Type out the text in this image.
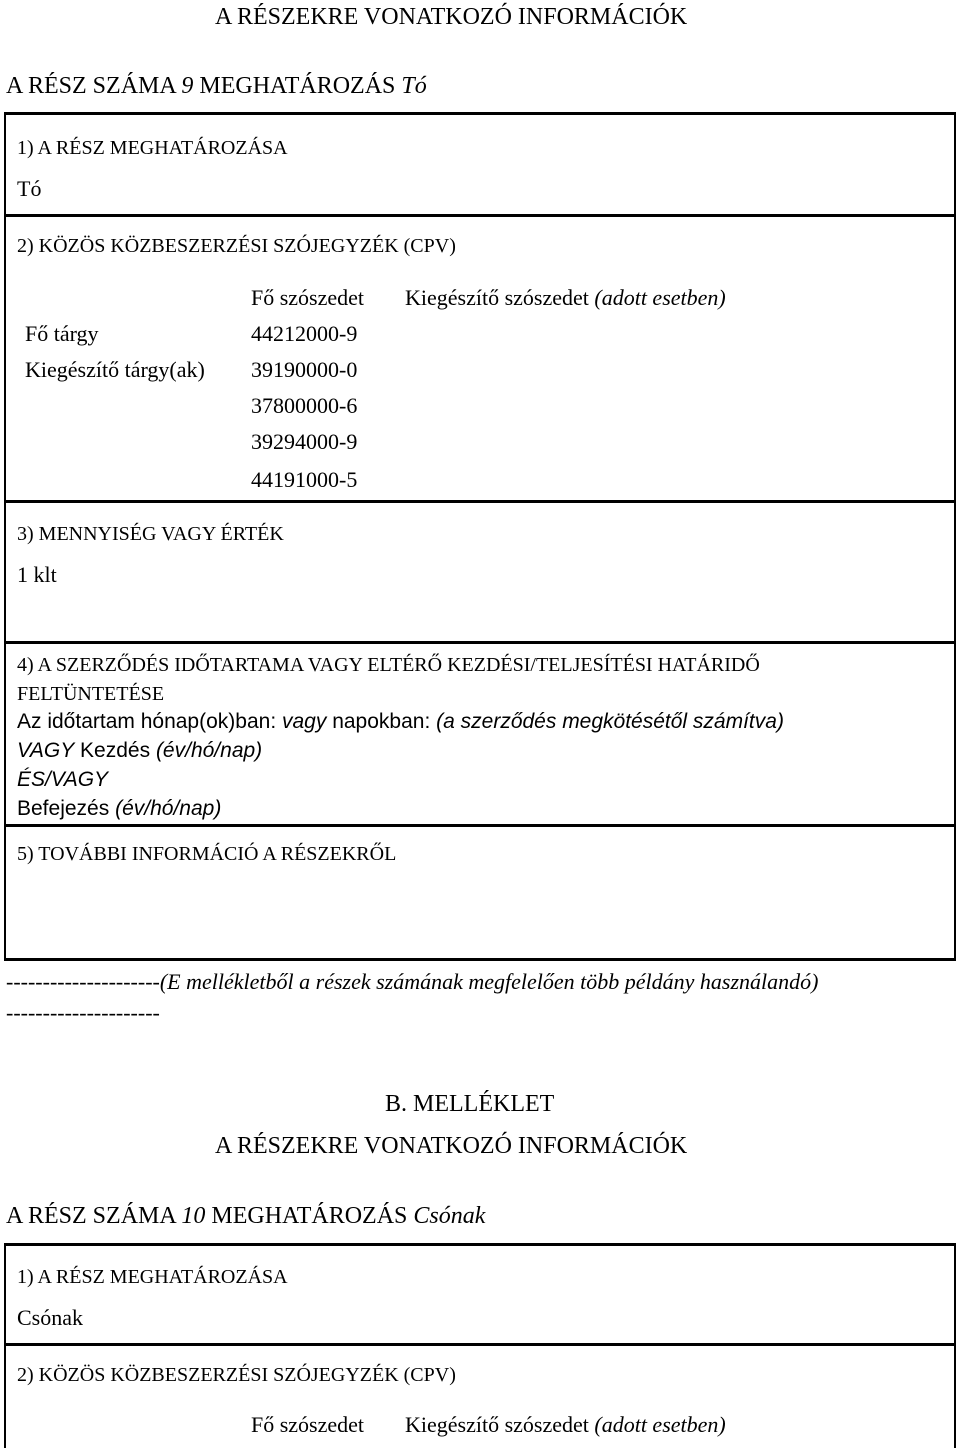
A RÉSZEKRE VONATKOZÓ INFORMÁCIÓK
A RÉSZ SZÁMA 9 MEGHATÁROZÁS Tó
1) A RÉSZ MEGHATÁROZÁSA
Tó
2) KÖZÖS KÖZBESZERZÉSI SZÓJEGYZÉK (CPV)
Fő szószedet Kiegészítő szószedet (adott esetben)
Fő tárgy	44212000-9
Kiegészítő tárgy(ak) 39190000-0
37800000-6
39294000-9
44191000-5
3) MENNYISÉG VAGY ÉRTÉK
1 klt
4) A SZERZŐDÉS IDŐTARTAMA VAGY ELTÉRŐ KEZDÉSI/TELJESÍTÉSI HATÁRIDŐ
FELTÜNTETÉSE
Az időtartam hónap(ok)ban: vagy napokban: (a szerződés megkötésétől számítva)
VAGY Kezdés (év/hó/nap)
ÉS/VAGY
Befejezés (év/hó/nap)
5) TOVÁBBI INFORMÁCIÓ A RÉSZEKRŐL
---------------------(E mellékletből a részek számának megfelelően több példány használandó)
---------------------
B. MELLÉKLET
A RÉSZEKRE VONATKOZÓ INFORMÁCIÓK
A RÉSZ SZÁMA 10 MEGHATÁROZÁS Csónak
1) A RÉSZ MEGHATÁROZÁSA
Csónak
2) KÖZÖS KÖZBESZERZÉSI SZÓJEGYZÉK (CPV)
Fő szószedet Kiegészítő szószedet (adott esetben)
